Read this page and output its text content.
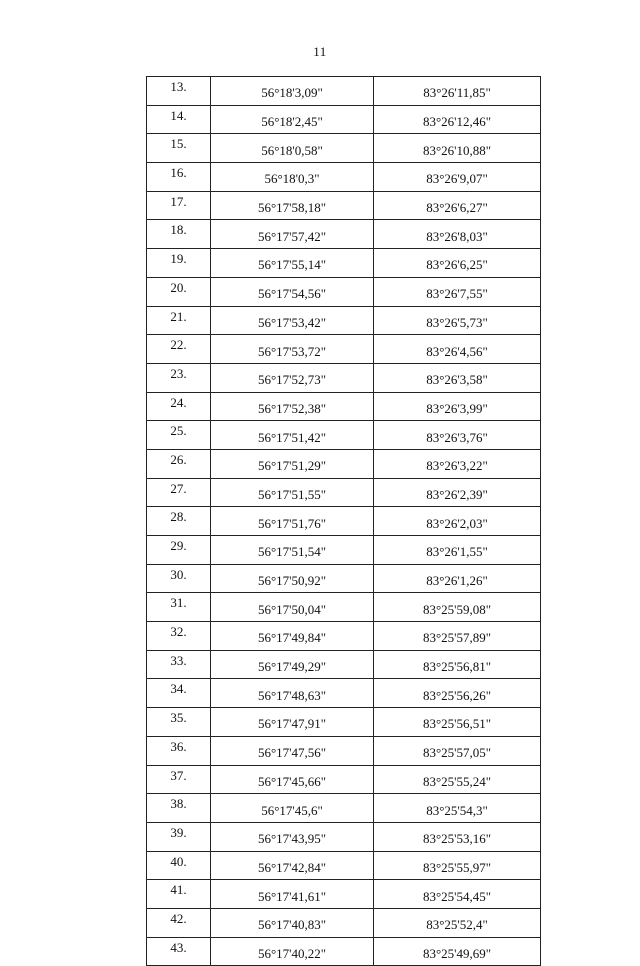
11
13.	56°18'3,09"	83°26'11,85"
14.	56°18'2,45"	83°26'12,46"
15.	56°18'0,58"	83°26'10,88"
16.	56°18'0,3"	83°26'9,07"
17.	56°17'58,18"	83°26'6,27"
18.	56°17'57,42"	83°26'8,03"
19.	56°17'55,14"	83°26'6,25"
20.	56°17'54,56"	83°26'7,55"
21.	56°17'53,42"	83°26'5,73"
22.	56°17'53,72"	83°26'4,56"
23.	56°17'52,73"	83°26'3,58"
24.	56°17'52,38"	83°26'3,99"
25.	56°17'51,42"	83°26'3,76"
26.	56°17'51,29"	83°26'3,22"
27.	56°17'51,55"	83°26'2,39"
28.	56°17'51,76"	83°26'2,03"
29.	56°17'51,54"	83°26'1,55"
30.	56°17'50,92"	83°26'1,26"
31.	56°17'50,04"	83°25'59,08"
32.	56°17'49,84"	83°25'57,89"
33.	56°17'49,29"	83°25'56,81"
34.	56°17'48,63"	83°25'56,26"
35.	56°17'47,91"	83°25'56,51"
36.	56°17'47,56"	83°25'57,05"
37.	56°17'45,66"	83°25'55,24"
38.	56°17'45,6"	83°25'54,3"
39.	56°17'43,95"	83°25'53,16"
40.	56°17'42,84"	83°25'55,97"
41.	56°17'41,61"	83°25'54,45"
42.	56°17'40,83"	83°25'52,4"
43.	56°17'40,22"	83°25'49,69"
